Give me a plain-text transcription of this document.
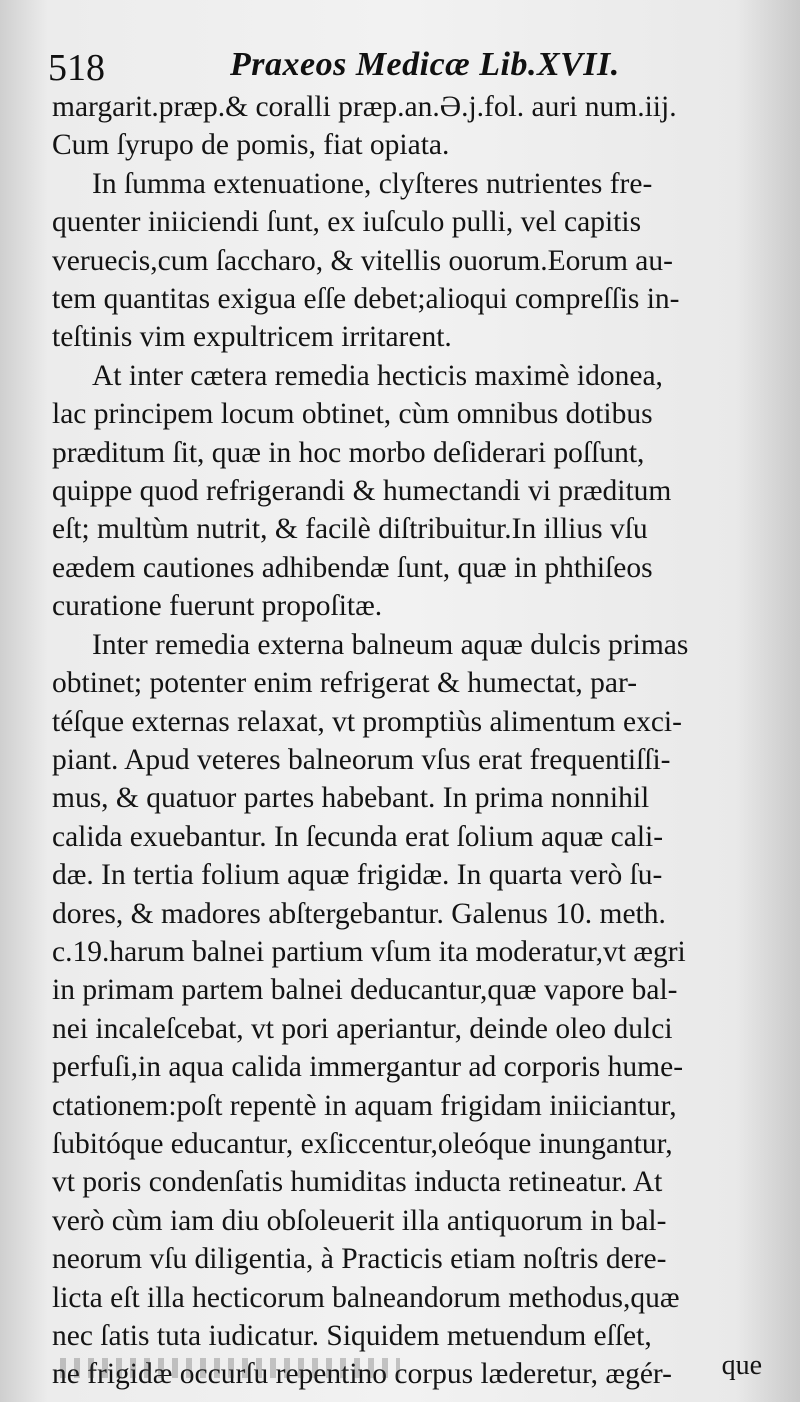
518	Praxeos Medicæ Lib.XVII.
margarit.præp.& coralli præp.an.Ə.j.fol. auri num.iij.
Cum ſyrupo de pomis, fiat opiata.
In ſumma extenuatione, clyſteres nutrientes fre-
quenter iniiciendi ſunt, ex iuſculo pulli, vel capitis
veruecis,cum ſaccharo, & vitellis ouorum.Eorum au-
tem quantitas exigua eſſe debet;alioqui compreſſis in-
teſtinis vim expultricem irritarent.
At inter cætera remedia hecticis maximè idonea,
lac principem locum obtinet, cùm omnibus dotibus
præditum ſit, quæ in hoc morbo deſiderari poſſunt,
quippe quod refrigerandi & humectandi vi præditum
eſt; multùm nutrit, & facilè diſtribuitur.In illius vſu
eædem cautiones adhibendæ ſunt, quæ in phthiſeos
curatione fuerunt propoſitæ.
Inter remedia externa balneum aquæ dulcis primas
obtinet; potenter enim refrigerat & humectat, par-
téſque externas relaxat, vt promptiùs alimentum exci-
piant. Apud veteres balneorum vſus erat frequentiſſi-
mus, & quatuor partes habebant. In prima nonnihil
calida exuebantur. In ſecunda erat ſolium aquæ cali-
dæ. In tertia folium aquæ frigidæ. In quarta verò ſu-
dores, & madores abſtergebantur. Galenus 10. meth.
c.19.harum balnei partium vſum ita moderatur,vt ægri
in primam partem balnei deducantur,quæ vapore bal-
nei incaleſcebat, vt pori aperiantur, deinde oleo dulci
perfuſi,in aqua calida immergantur ad corporis hume-
ctationem:poſt repentè in aquam frigidam iniiciantur,
ſubitóque educantur, exſiccentur,oleóque inungantur,
vt poris condenſatis humiditas inducta retineatur. At
verò cùm iam diu obſoleuerit illa antiquorum in bal-
neorum vſu diligentia, à Practicis etiam noſtris dere-
licta eſt illa hecticorum balneandorum methodus,quæ
nec ſatis tuta iudicatur. Siquidem metuendum eſſet,
ne frigidæ occurſu repentino corpus læderetur, ægér-	que
